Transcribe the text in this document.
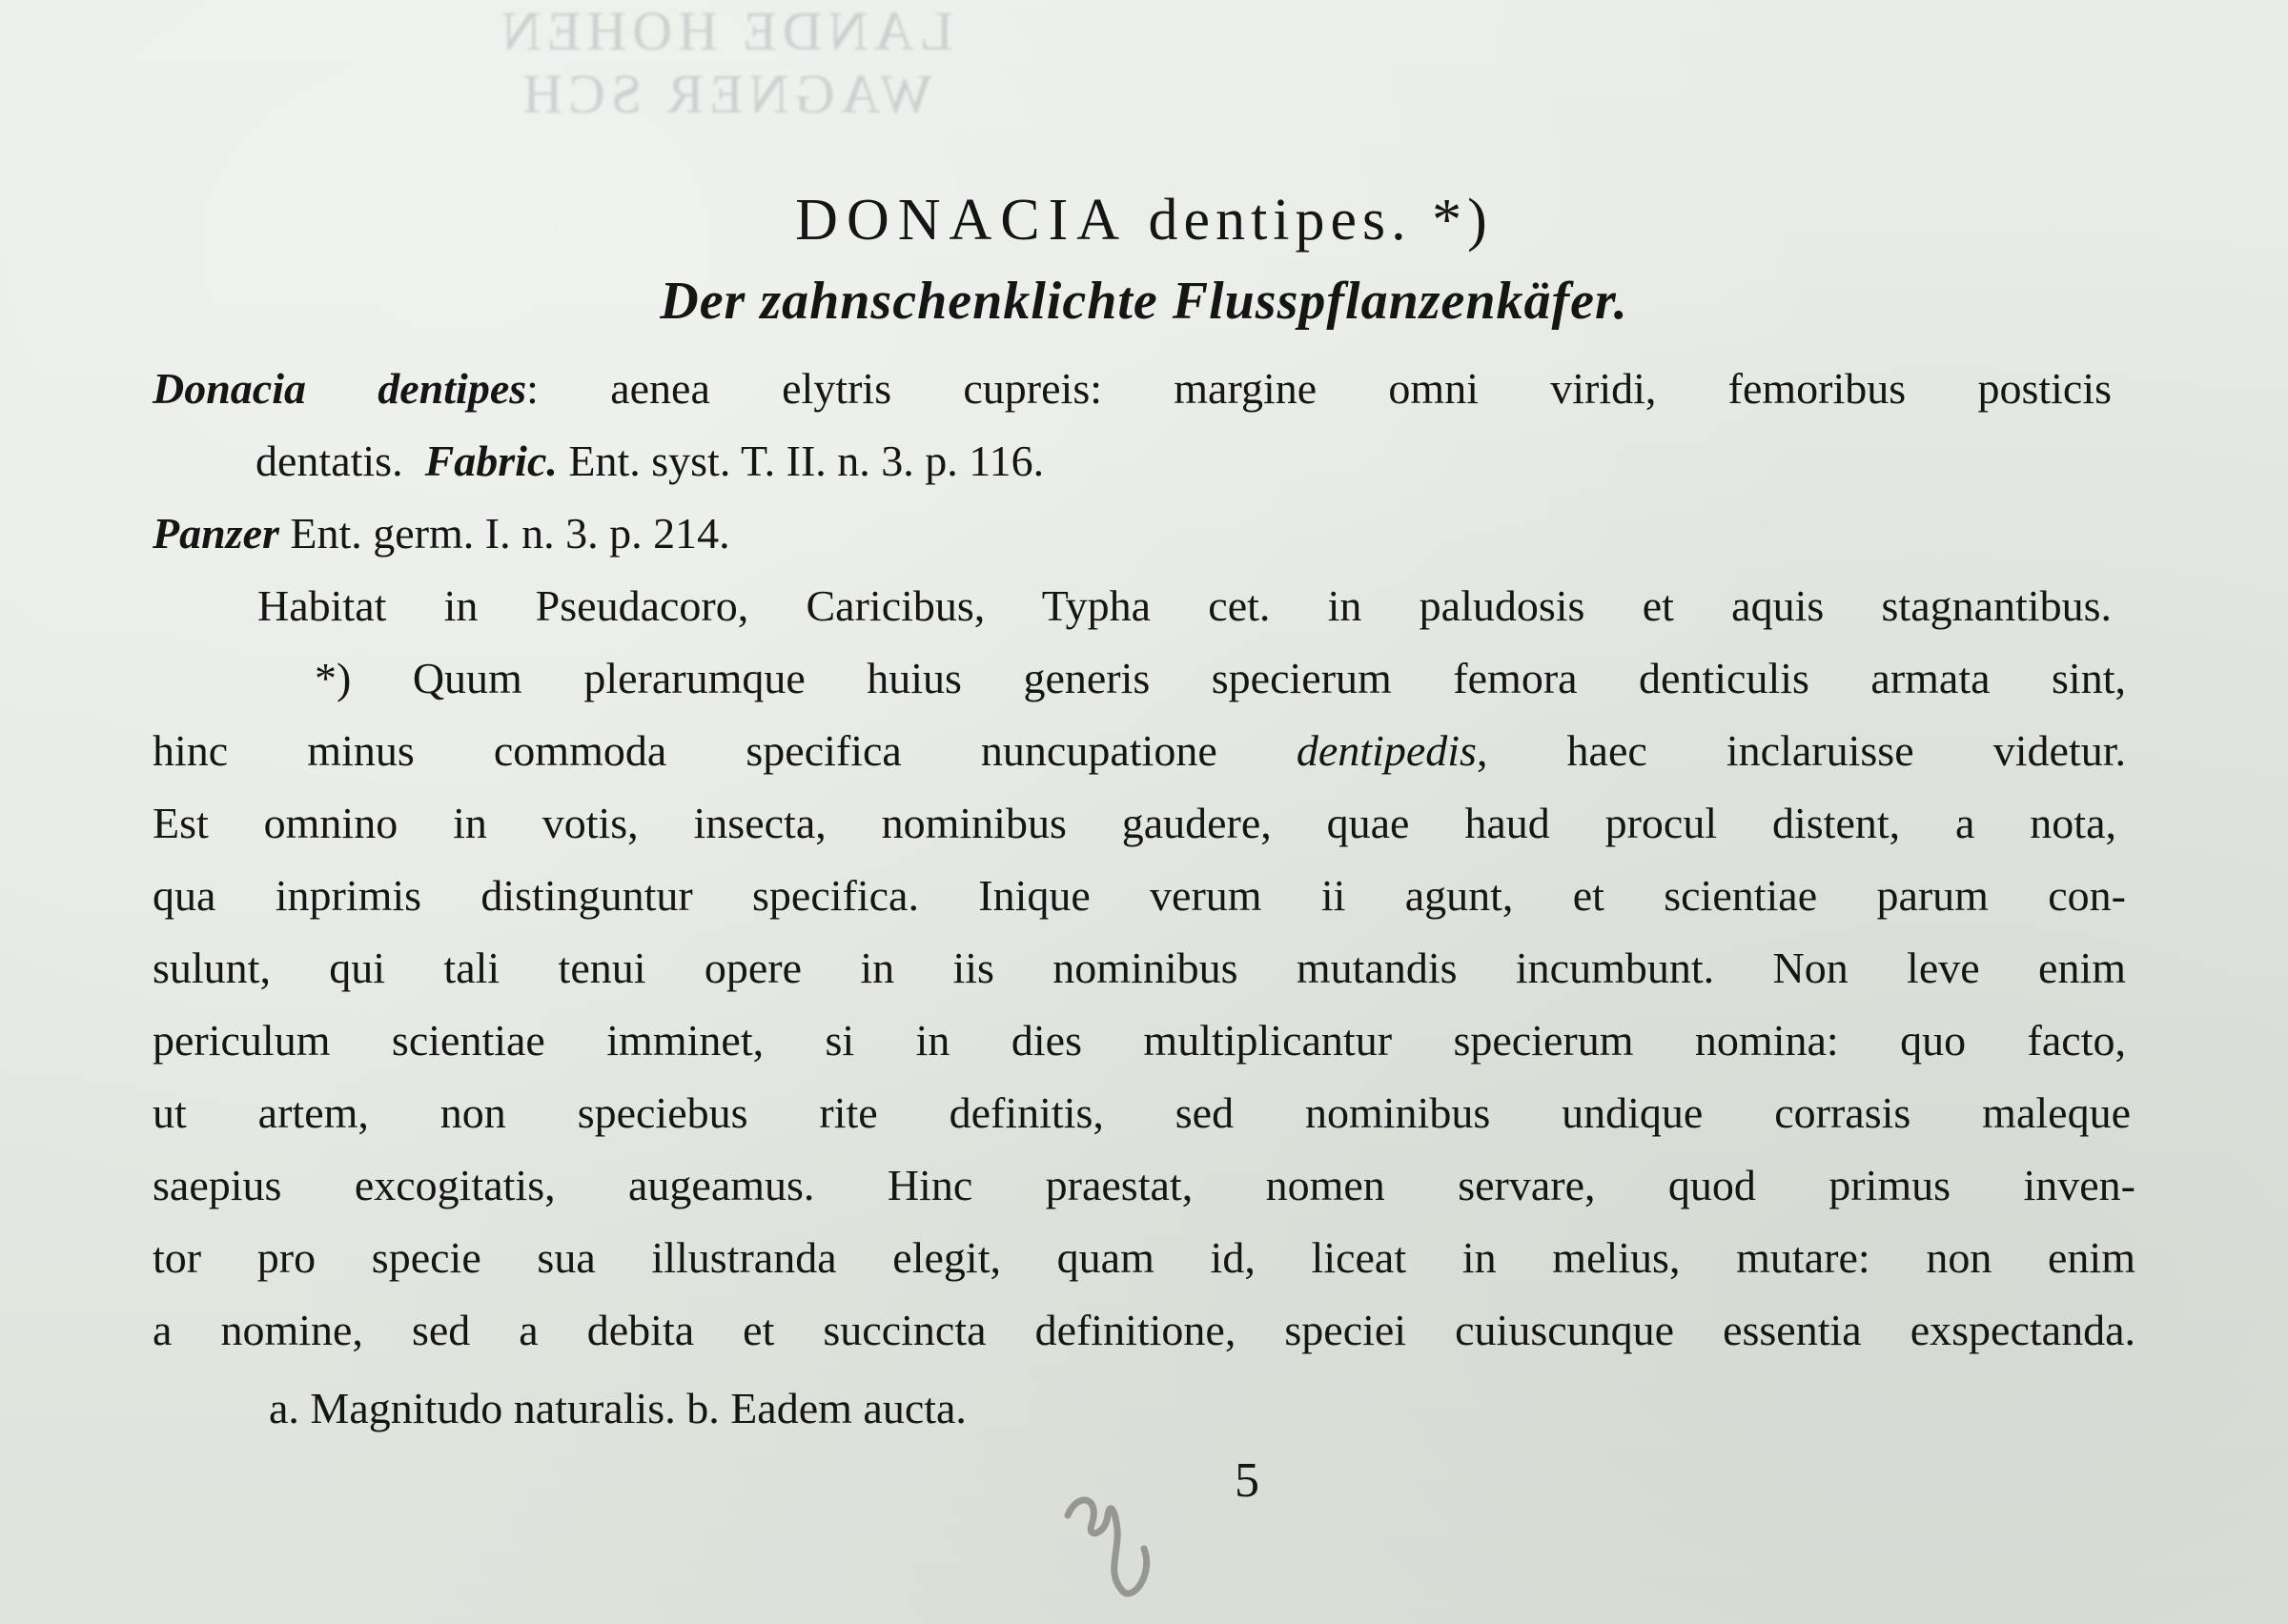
LANDE HOHEN
WAGNER SCH
DONACIA dentipes. *)
Der zahnschenklichte Flusspflanzenkäfer.
Donacia dentipes: aenea elytris cupreis: margine omni viridi, femoribus posticis
dentatis. Fabric. Ent. syst. T. II. n. 3. p. 116.
Panzer Ent. germ. I. n. 3. p. 214.
Habitat in Pseudacoro, Caricibus, Typha cet. in paludosis et aquis stagnantibus.
*) Quum plerarumque huius generis specierum femora denticulis armata sint,
hinc minus commoda specifica nuncupatione dentipedis, haec inclaruisse videtur.
Est omnino in votis, insecta, nominibus gaudere, quae haud procul distent, a nota,
qua inprimis distinguntur specifica. Inique verum ii agunt, et scientiae parum con-
sulunt, qui tali tenui opere in iis nominibus mutandis incumbunt. Non leve enim
periculum scientiae imminet, si in dies multiplicantur specierum nomina: quo facto,
ut artem, non speciebus rite definitis, sed nominibus undique corrasis maleque
saepius excogitatis, augeamus. Hinc praestat, nomen servare, quod primus inven-
tor pro specie sua illustranda elegit, quam id, liceat in melius, mutare: non enim
a nomine, sed a debita et succincta definitione, speciei cuiuscunque essentia exspectanda.
a. Magnitudo naturalis. b. Eadem aucta.
5
